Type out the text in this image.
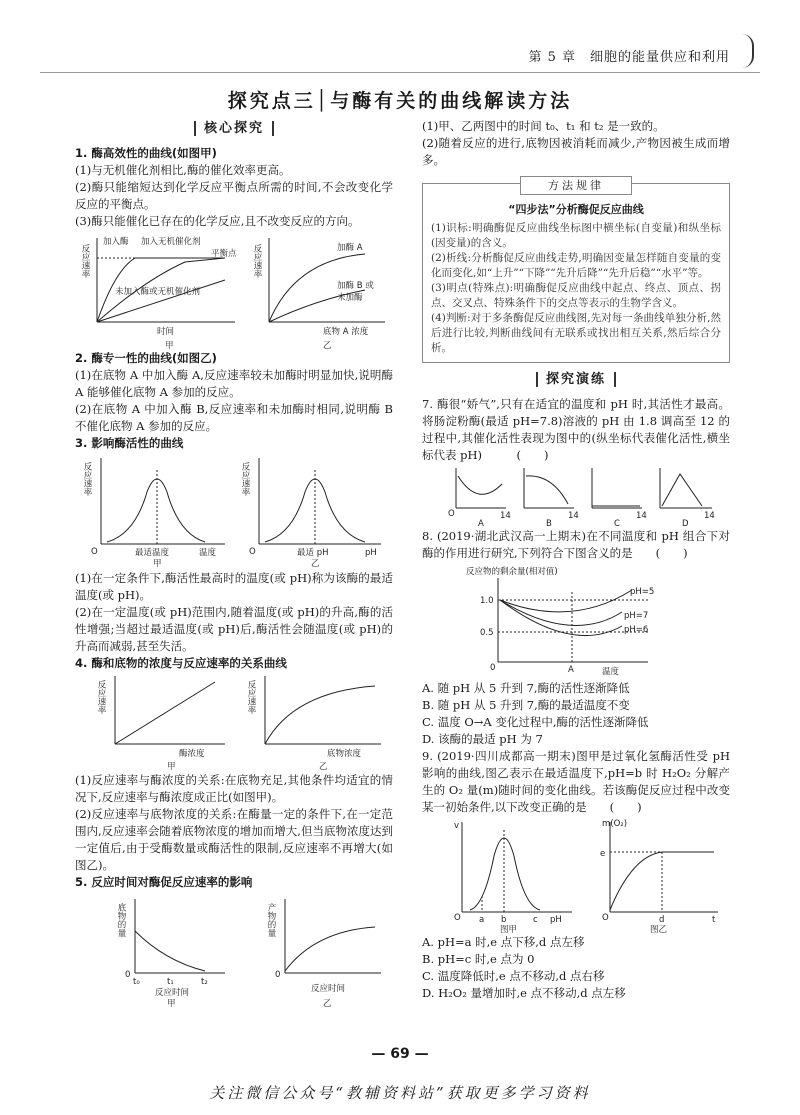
第 5 章　细胞的能量供应和利用
探究点三│与酶有关的曲线解读方法
核心探究
1. 酶高效性的曲线(如图甲)

(1)与无机催化剂相比,酶的催化效率更高。

(2)酶只能缩短达到化学反应平衡点所需的时间,不会改变化学反应的平衡点。

(3)酶只能催化已存在的化学反应,且不改变反应的方向。

反应速率
时间
加入酶 加入无机催化剂
平衡点
未加入酶或无机催化剂
甲
反应速率
底物 A 浓度
加酶 A
加酶 B 或
未加酶
乙
2. 酶专一性的曲线(如图乙)

(1)在底物 A 中加入酶 A,反应速率较未加酶时明显加快,说明酶 A 能够催化底物 A 参加的反应。

(2)在底物 A 中加入酶 B,反应速率和未加酶时相同,说明酶 B 不催化底物 A 参加的反应。

3. 影响酶活性的曲线
反应速率
O	最适温度	温度
甲
反应速率
O	最适 pH	pH
乙

(1)在一定条件下,酶活性最高时的温度(或 pH)称为该酶的最适温度(或 pH)。

(2)在一定温度(或 pH)范围内,随着温度(或 pH)的升高,酶的活性增强;当超过最适温度(或 pH)后,酶活性会随温度(或 pH)的升高而减弱,甚至失活。

4. 酶和底物的浓度与反应速率的关系曲线
反应速率
酶浓度
甲
反应速率
底物浓度
乙

(1)反应速率与酶浓度的关系:在底物充足,其他条件均适宜的情况下,反应速率与酶浓度成正比(如图甲)。

(2)反应速率与底物浓度的关系:在酶量一定的条件下,在一定范围内,反应速率会随着底物浓度的增加而增大,但当底物浓度达到一定值后,由于受酶数量或酶活性的限制,反应速率不再增大(如图乙)。

5. 反应时间对酶促反应速率的影响
底物的量
0
t₀	t₁	t₂
反应时间
甲
产物的量
0
反应时间
乙

(1)甲、乙两图中的时间 t₀、t₁ 和 t₂ 是一致的。

(2)随着反应的进行,底物因被消耗而减少,产物因被生成而增多。

方法规律
“四步法”分析酶促反应曲线

(1)识标:明确酶促反应曲线坐标图中横坐标(自变量)和纵坐标(因变量)的含义。

(2)析线:分析酶促反应曲线走势,明确因变量怎样随自变量的变化而变化,如“上升”“下降”“先升后降”“先升后稳”“水平”等。

(3)明点(特殊点):明确酶促反应曲线中起点、终点、顶点、拐点、交叉点、特殊条件下的交点等表示的生物学含义。

(4)判断:对于多条酶促反应曲线图,先对每一条曲线单独分析,然后进行比较,判断曲线间有无联系或找出相互关系,然后综合分析。

探究演练

7. 酶很“娇气”,只有在适宜的温度和 pH 时,其活性才最高。将肠淀粉酶(最适 pH=7.8)溶液的 pH 由 1.8 调高至 12 的过程中,其催化活性表现为图中的(纵坐标代表催化活性,横坐标代表 pH)　　　(　　)

O	14
A
14
B
14
C
14
D

8. (2019·湖北武汉高一上期末)在不同温度和 pH 组合下对酶的作用进行研究,下列符合下图含义的是　　(　　)

反应物的剩余量(相对值)
1.0
0.5
0	A	温度
pH=5
pH=7
pH=6

A. 随 pH 从 5 升到 7,酶的活性逐渐降低

B. 随 pH 从 5 升到 7,酶的最适温度不变

C. 温度 O→A 变化过程中,酶的活性逐渐降低

D. 该酶的最适 pH 为 7

9. (2019·四川成都高一期末)图甲是过氧化氢酶活性受 pH 影响的曲线,图乙表示在最适温度下,pH=b 时 H₂O₂ 分解产生的 O₂ 量(m)随时间的变化曲线。若该酶促反应过程中改变某一初始条件,以下改变正确的是　　(　　)

v
O a b	c pH
图甲
m(O₂)
e
O	d	t
图乙

A. pH=a 时,e 点下移,d 点左移

B. pH=c 时,e 点为 0

C. 温度降低时,e 点不移动,d 点右移

D. H₂O₂ 量增加时,e 点不移动,d 点左移

— 69 —
关注微信公众号“教辅资料站”获取更多学习资料
